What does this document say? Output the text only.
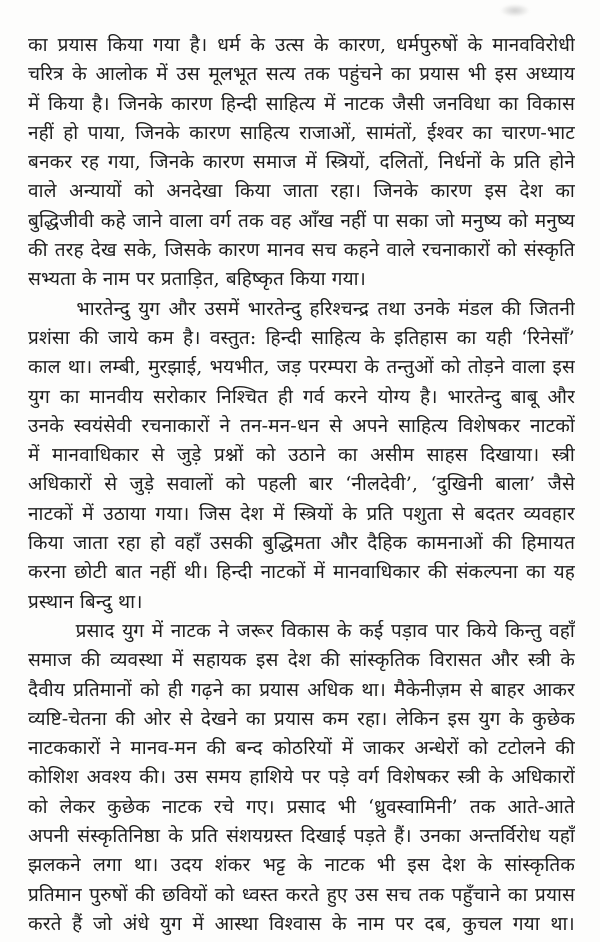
का प्रयास किया गया है। धर्म के उत्स के कारण, धर्मपुरुषों के मानवविरोधी
चरित्र के आलोक में उस मूलभूत सत्य तक पहुंचने का प्रयास भी इस अध्याय
में किया है। जिनके कारण हिन्दी साहित्य में नाटक जैसी जनविधा का विकास
नहीं हो पाया, जिनके कारण साहित्य राजाओं, सामंतों, ईश्वर का चारण-भाट
बनकर रह गया, जिनके कारण समाज में स्त्रियों, दलितों, निर्धनों के प्रति होने
वाले अन्यायों को अनदेखा किया जाता रहा। जिनके कारण इस देश का
बुद्धिजीवी कहे जाने वाला वर्ग तक वह आँख नहीं पा सका जो मनुष्य को मनुष्य
की तरह देख सके, जिसके कारण मानव सच कहने वाले रचनाकारों को संस्कृति
सभ्यता के नाम पर प्रताड़ित, बहिष्कृत किया गया।
भारतेन्दु युग और उसमें भारतेन्दु हरिश्चन्द्र तथा उनके मंडल की जितनी
प्रशंसा की जाये कम है। वस्तुत: हिन्दी साहित्य के इतिहास का यही ‘रिनेसाँ’
काल था। लम्बी, मुरझाई, भयभीत, जड़ परम्परा के तन्तुओं को तोड़ने वाला इस
युग का मानवीय सरोकार निश्चित ही गर्व करने योग्य है। भारतेन्दु बाबू और
उनके स्वयंसेवी रचनाकारों ने तन-मन-धन से अपने साहित्य विशेषकर नाटकों
में मानवाधिकार से जुड़े प्रश्नों को उठाने का असीम साहस दिखाया। स्त्री
अधिकारों से जुड़े सवालों को पहली बार ‘नीलदेवी’, ‘दुखिनी बाला’ जैसे
नाटकों में उठाया गया। जिस देश में स्त्रियों के प्रति पशुता से बदतर व्यवहार
किया जाता रहा हो वहाँ उसकी बुद्धिमता और दैहिक कामनाओं की हिमायत
करना छोटी बात नहीं थी। हिन्दी नाटकों में मानवाधिकार की संकल्पना का यह
प्रस्थान बिन्दु था।
प्रसाद युग में नाटक ने जरूर विकास के कई पड़ाव पार किये किन्तु वहाँ
समाज की व्यवस्था में सहायक इस देश की सांस्कृतिक विरासत और स्त्री के
दैवीय प्रतिमानों को ही गढ़ने का प्रयास अधिक था। मैकेनीज़म से बाहर आकर
व्यष्टि-चेतना की ओर से देखने का प्रयास कम रहा। लेकिन इस युग के कुछेक
नाटककारों ने मानव-मन की बन्द कोठरियों में जाकर अन्धेरों को टटोलने की
कोशिश अवश्य की। उस समय हाशिये पर पड़े वर्ग विशेषकर स्त्री के अधिकारों
को लेकर कुछेक नाटक रचे गए। प्रसाद भी ‘ध्रुवस्वामिनी’ तक आते-आते
अपनी संस्कृतिनिष्ठा के प्रति संशयग्रस्त दिखाई पड़ते हैं। उनका अन्तर्विरोध यहाँ
झलकने लगा था। उदय शंकर भट्ट के नाटक भी इस देश के सांस्कृतिक
प्रतिमान पुरुषों की छवियों को ध्वस्त करते हुए उस सच तक पहुँचाने का प्रयास
करते हैं जो अंधे युग में आस्था विश्वास के नाम पर दब, कुचल गया था।
